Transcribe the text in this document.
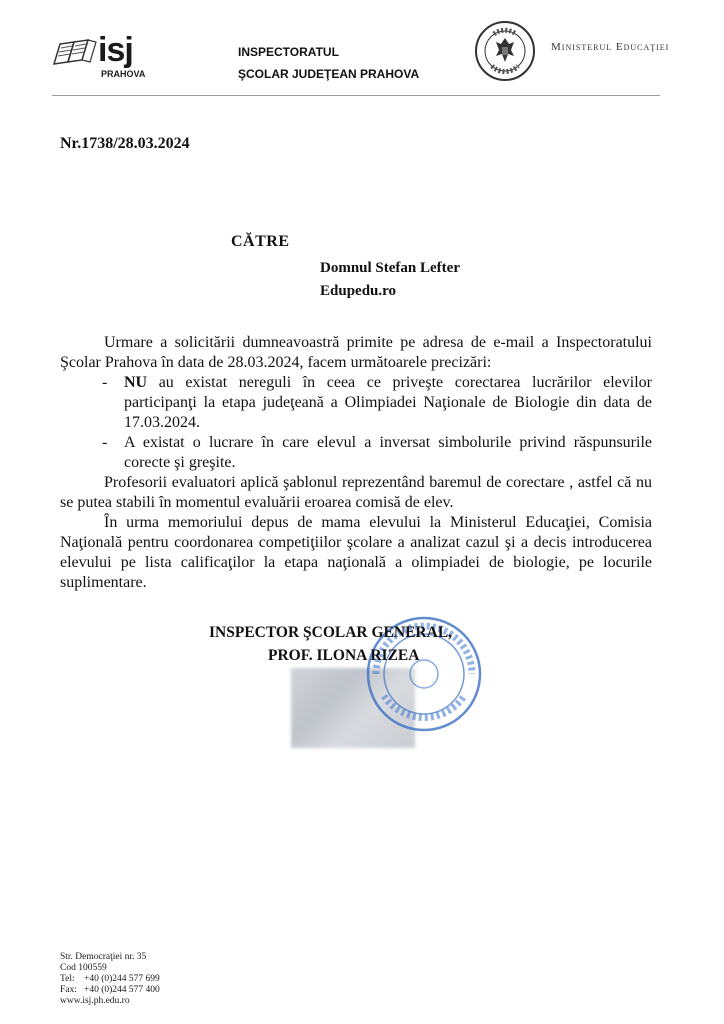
isj
PRAHOVA
INSPECTORATUL
ŞCOLAR JUDEŢEAN PRAHOVA
Ministerul Educaţiei
Nr.1738/28.03.2024
CĂTRE
Domnul Stefan Lefter
Edupedu.ro

Urmare a solicitării dumneavoastră primite pe adresa de e-mail a Inspectoratului Şcolar Prahova în data de 28.03.2024, facem următoarele precizări:

- NU au existat nereguli în ceea ce priveşte corectarea lucrărilor elevilor participanţi la etapa judeţeană a Olimpiadei Naţionale de Biologie din data de 17.03.2024.
- A existat o lucrare în care elevul a inversat simbolurile privind răspunsurile corecte şi greşite.

Profesorii evaluatori aplică şablonul reprezentând baremul de corectare , astfel că nu se putea stabili în momentul evaluării eroarea comisă de elev.

În urma memoriului depus de mama elevului la Ministerul Educaţiei, Comisia Naţională pentru coordonarea competiţiilor şcolare a analizat cazul şi a decis introducerea elevului pe lista calificaţilor la etapa naţională a olimpiadei de biologie, pe locurile suplimentare.

INSPECTOR ŞCOLAR GENERAL,
PROF. ILONA RIZEA
Str. Democraţiei nr. 35
Cod 100559
Tel: +40 (0)244 577 699
Fax: +40 (0)244 577 400
www.isj.ph.edu.ro
